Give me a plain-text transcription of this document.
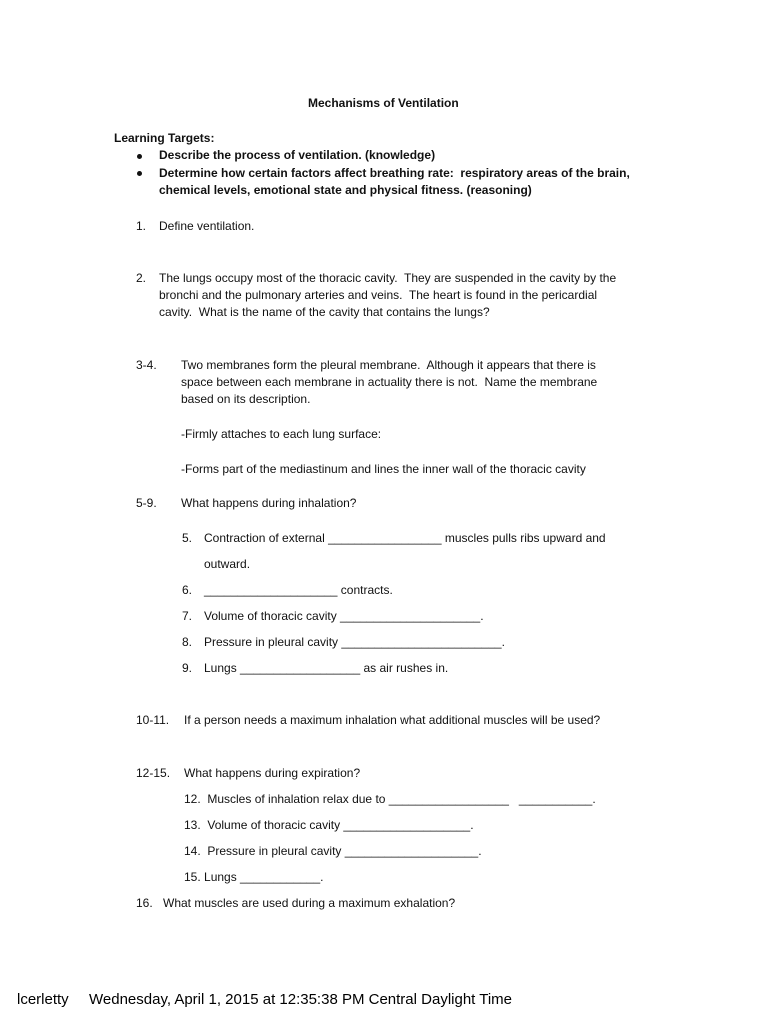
Mechanisms of Ventilation
Learning Targets:
Describe the process of ventilation. (knowledge)
Determine how certain factors affect breathing rate:  respiratory areas of the brain,
chemical levels, emotional state and physical fitness. (reasoning)
1. Define ventilation.
2. The lungs occupy most of the thoracic cavity.  They are suspended in the cavity by the
bronchi and the pulmonary arteries and veins.  The heart is found in the pericardial
cavity.  What is the name of the cavity that contains the lungs?
3-4. Two membranes form the pleural membrane.  Although it appears that there is
space between each membrane in actuality there is not.  Name the membrane
based on its description.
-Firmly attaches to each lung surface:
-Forms part of the mediastinum and lines the inner wall of the thoracic cavity
5-9. What happens during inhalation?
5. Contraction of external _________________ muscles pulls ribs upward and
outward.
6. ____________________ contracts.
7. Volume of thoracic cavity _____________________.
8. Pressure in pleural cavity ________________________.
9. Lungs __________________ as air rushes in.
10-11. If a person needs a maximum inhalation what additional muscles will be used?
12-15. What happens during expiration?
12.  Muscles of inhalation relax due to __________________   ___________.
13.  Volume of thoracic cavity ___________________.
14.  Pressure in pleural cavity ____________________.
15. Lungs ____________.
16. What muscles are used during a maximum exhalation?
lcerletty Wednesday, April 1, 2015 at 12:35:38 PM Central Daylight Time
